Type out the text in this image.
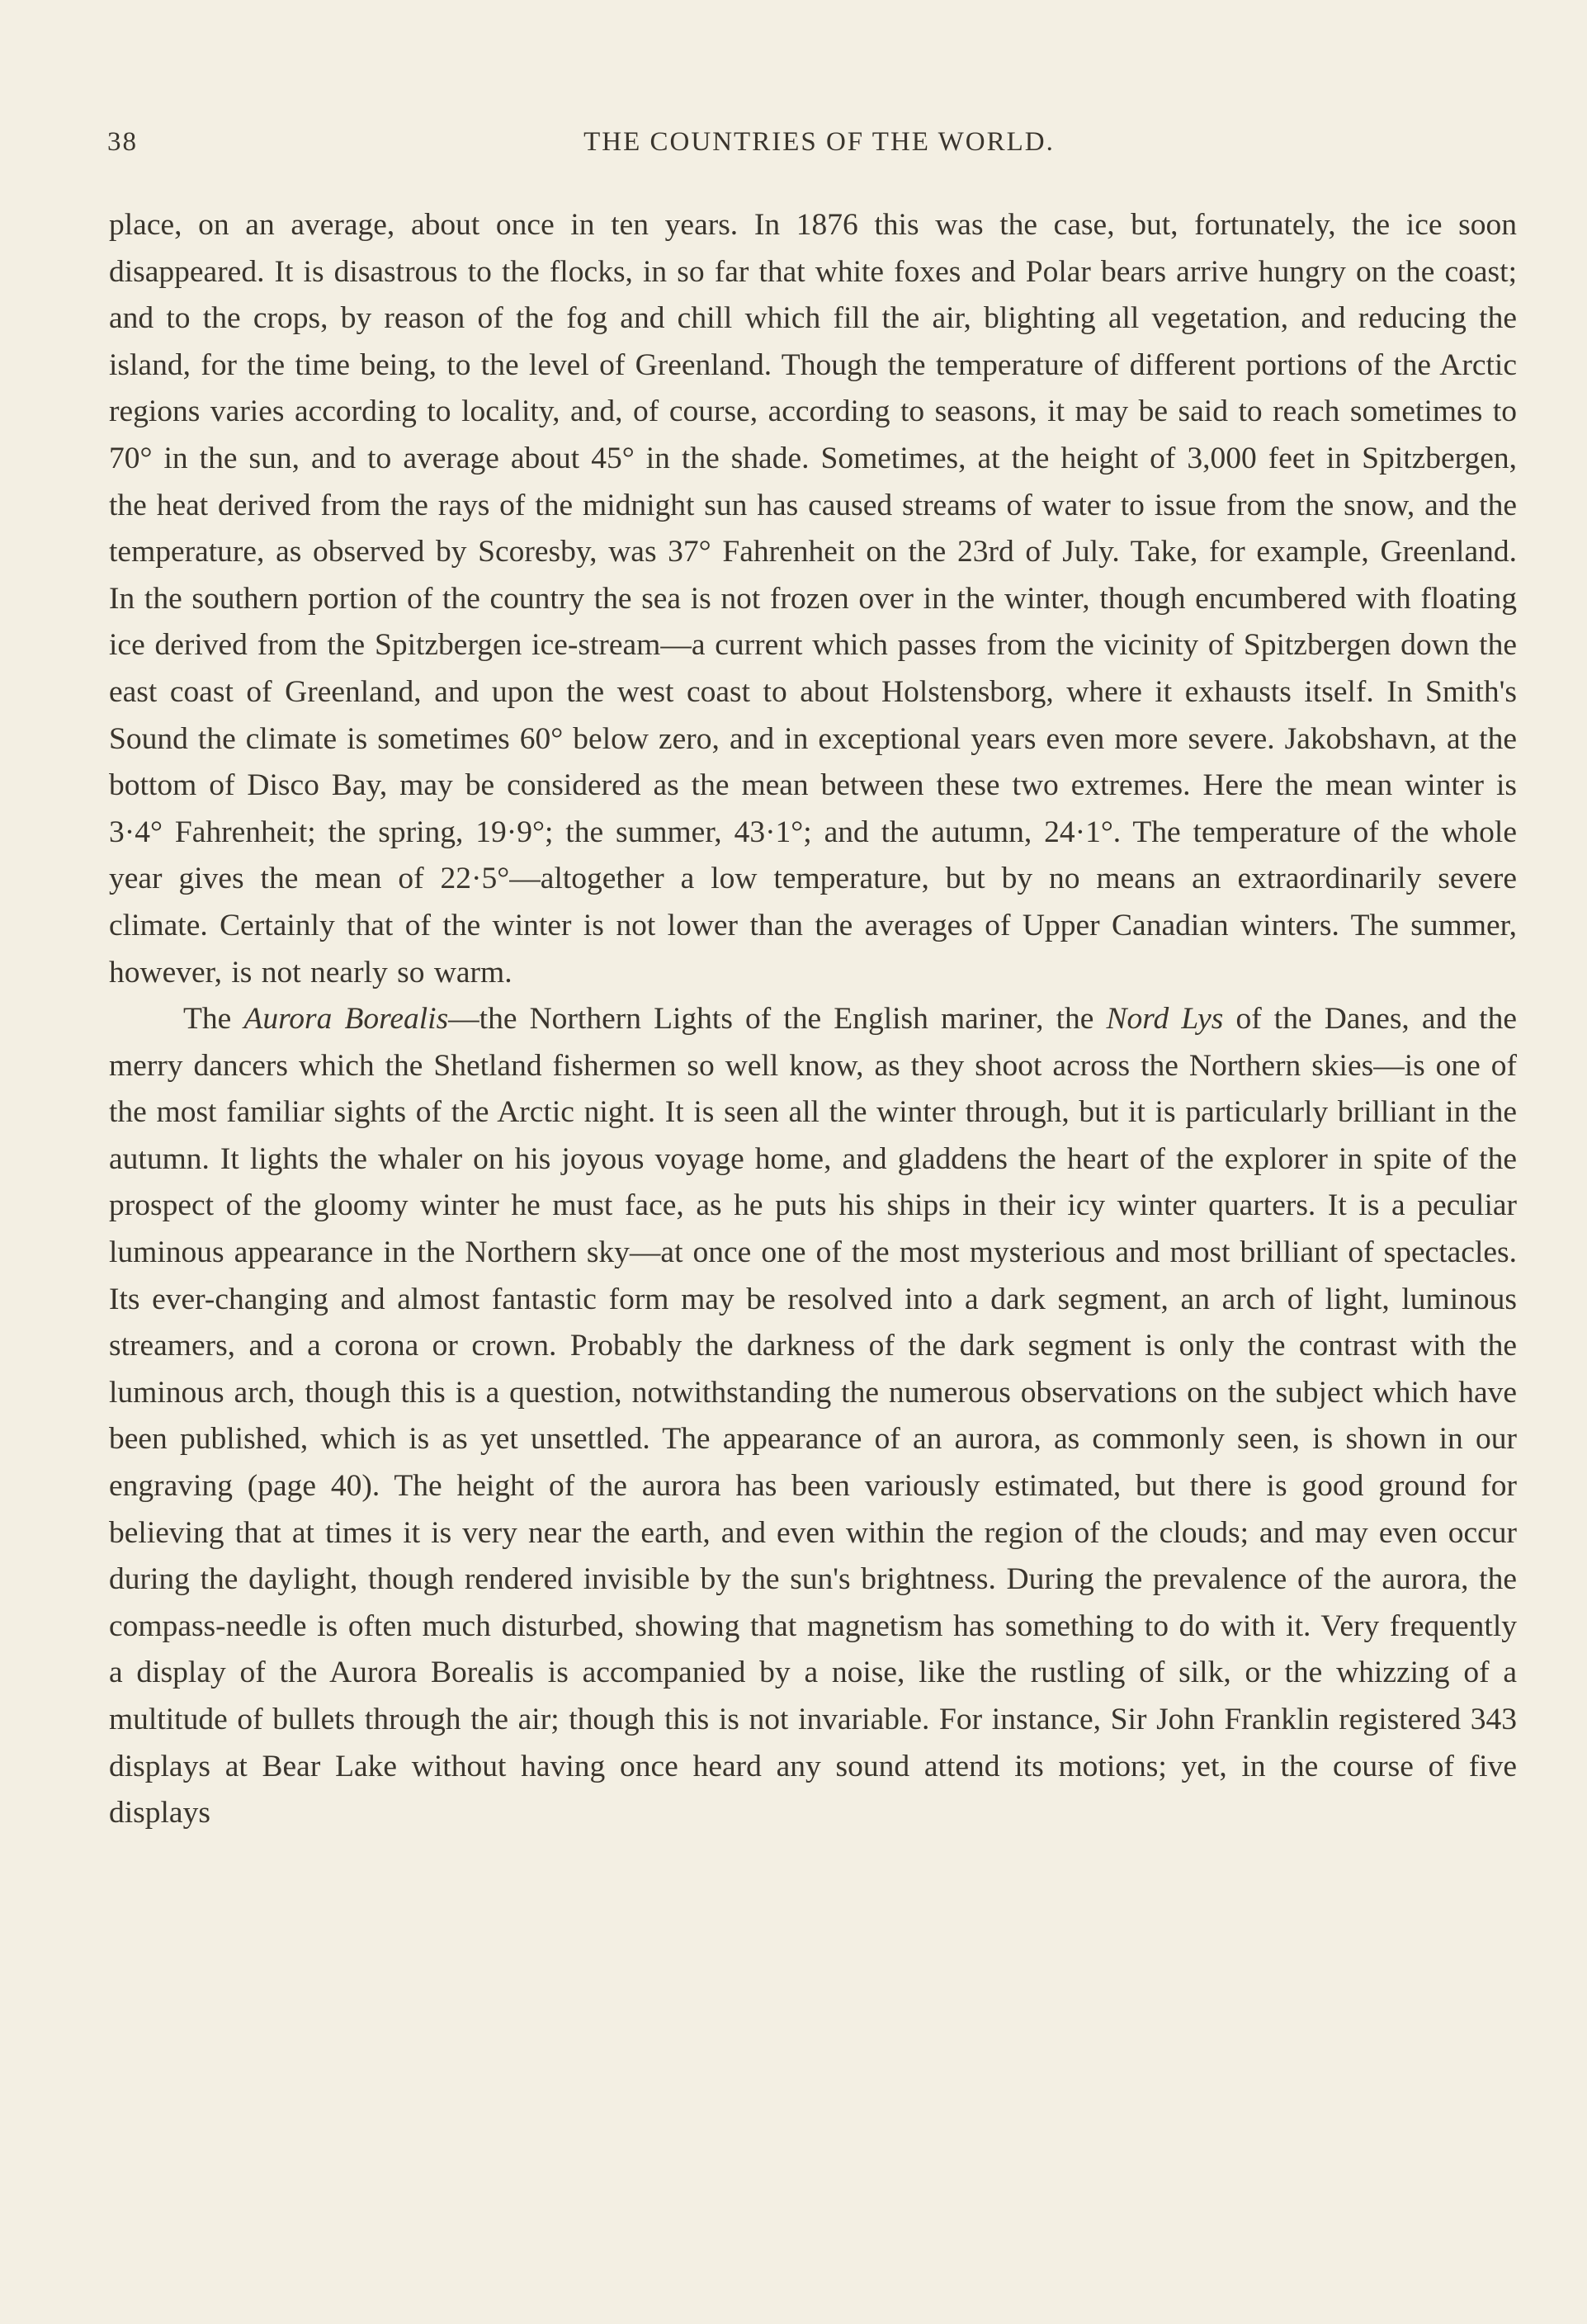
38	THE COUNTRIES OF THE WORLD.

place, on an average, about once in ten years. In 1876 this was the case, but, fortunately, the ice soon disappeared. It is disastrous to the flocks, in so far that white foxes and Polar bears arrive hungry on the coast; and to the crops, by reason of the fog and chill which fill the air, blighting all vegetation, and reducing the island, for the time being, to the level of Greenland. Though the temperature of different portions of the Arctic regions varies according to locality, and, of course, according to seasons, it may be said to reach sometimes to 70° in the sun, and to average about 45° in the shade. Sometimes, at the height of 3,000 feet in Spitzbergen, the heat derived from the rays of the midnight sun has caused streams of water to issue from the snow, and the temperature, as observed by Scoresby, was 37° Fahrenheit on the 23rd of July. Take, for example, Greenland. In the southern portion of the country the sea is not frozen over in the winter, though encumbered with floating ice derived from the Spitzbergen ice-stream—a current which passes from the vicinity of Spitzbergen down the east coast of Greenland, and upon the west coast to about Holstensborg, where it exhausts itself. In Smith's Sound the climate is sometimes 60° below zero, and in exceptional years even more severe. Jakobshavn, at the bottom of Disco Bay, may be considered as the mean between these two extremes. Here the mean winter is 3·4° Fahrenheit; the spring, 19·9°; the summer, 43·1°; and the autumn, 24·1°. The temperature of the whole year gives the mean of 22·5°—altogether a low temperature, but by no means an extraordinarily severe climate. Certainly that of the winter is not lower than the averages of Upper Canadian winters. The summer, however, is not nearly so warm.

The Aurora Borealis—the Northern Lights of the English mariner, the Nord Lys of the Danes, and the merry dancers which the Shetland fishermen so well know, as they shoot across the Northern skies—is one of the most familiar sights of the Arctic night. It is seen all the winter through, but it is particularly brilliant in the autumn. It lights the whaler on his joyous voyage home, and gladdens the heart of the explorer in spite of the prospect of the gloomy winter he must face, as he puts his ships in their icy winter quarters. It is a peculiar luminous appearance in the Northern sky—at once one of the most mysterious and most brilliant of spectacles. Its ever-changing and almost fantastic form may be resolved into a dark segment, an arch of light, luminous streamers, and a corona or crown. Probably the darkness of the dark segment is only the contrast with the luminous arch, though this is a question, notwithstanding the numerous observations on the subject which have been published, which is as yet unsettled. The appearance of an aurora, as commonly seen, is shown in our engraving (page 40). The height of the aurora has been variously estimated, but there is good ground for believing that at times it is very near the earth, and even within the region of the clouds; and may even occur during the daylight, though rendered invisible by the sun's brightness. During the prevalence of the aurora, the compass-needle is often much disturbed, showing that magnetism has something to do with it. Very frequently a display of the Aurora Borealis is accompanied by a noise, like the rustling of silk, or the whizzing of a multitude of bullets through the air; though this is not invariable. For instance, Sir John Franklin registered 343 displays at Bear Lake without having once heard any sound attend its motions; yet, in the course of five displays
